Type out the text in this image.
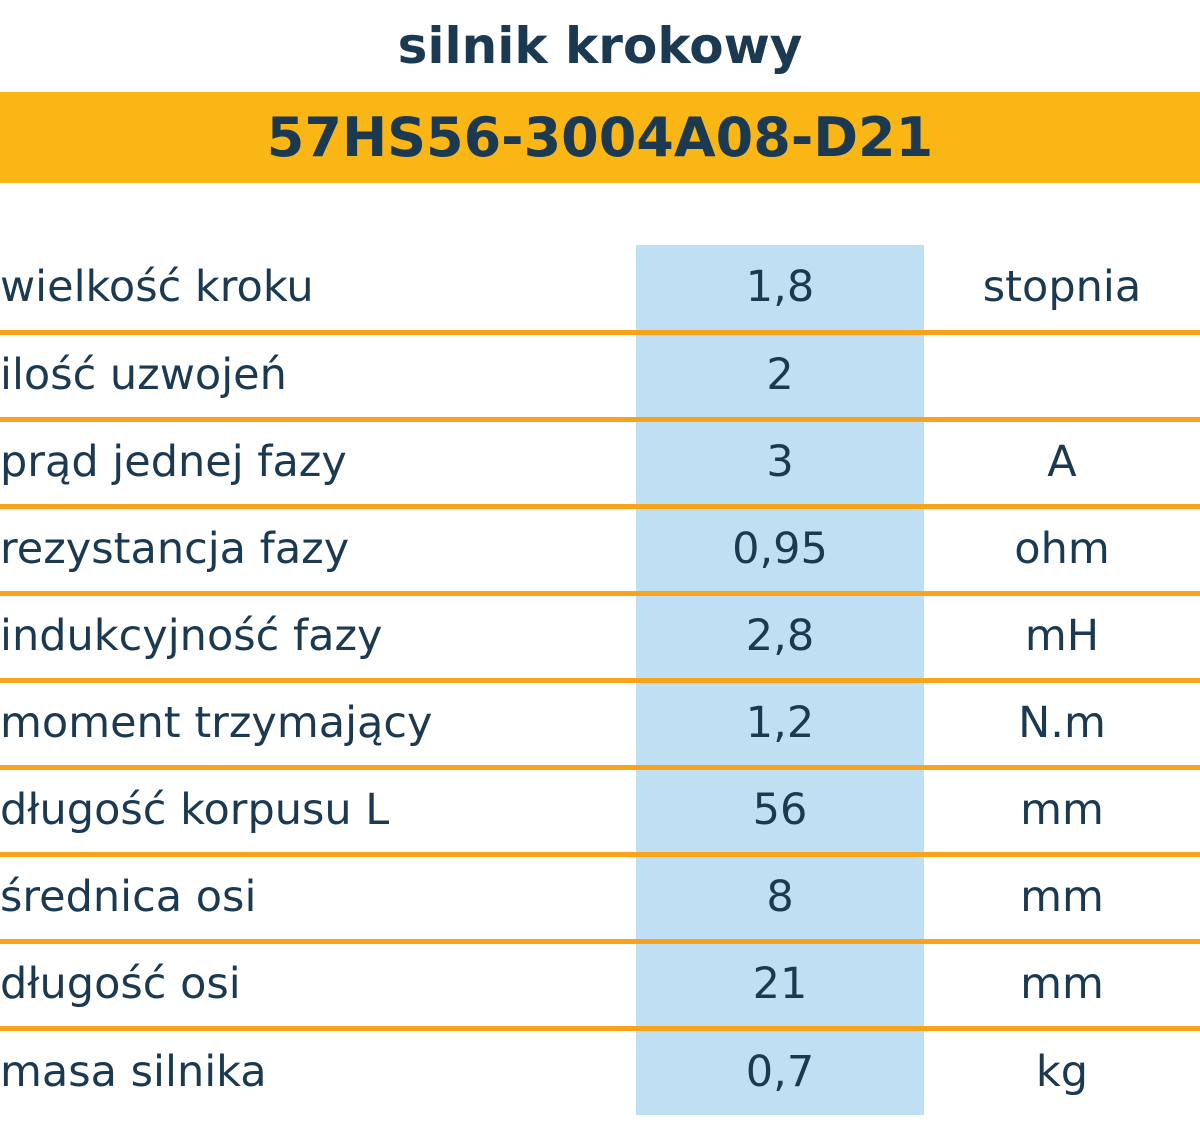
silnik krokowy
57HS56-3004A08-D21
wielkość kroku	1,8	stopnia
ilość uzwojeń	2	
prąd jednej fazy	3	A
rezystancja fazy	0,95	ohm
indukcyjność fazy	2,8	mH
moment trzymający	1,2	N.m
długość korpusu L	56	mm
średnica osi	8	mm
długość osi	21	mm
masa silnika	0,7	kg
